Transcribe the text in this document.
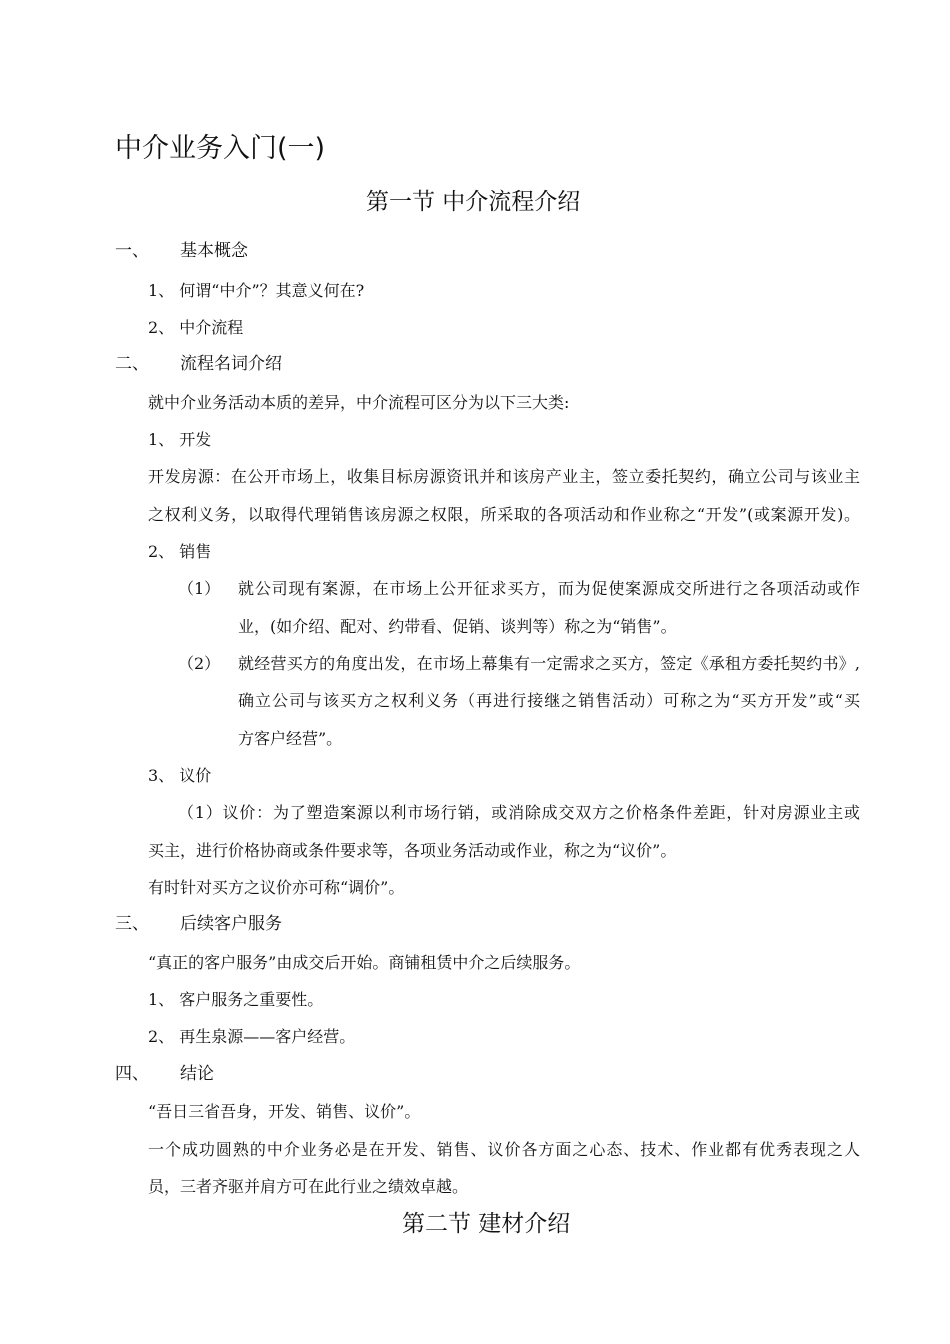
中介业务入门(一)
第一节 中介流程介绍
一、 基本概念
1、 何谓“中介”？其意义何在?
2、 中介流程
二、 流程名词介绍
就中介业务活动本质的差异，中介流程可区分为以下三大类:
1、 开发
开发房源：在公开市场上，收集目标房源资讯并和该房产业主，签立委托契约，确立公司与该业主
之权利义务，以取得代理销售该房源之权限，所采取的各项活动和作业称之“开发”(或案源开发)。
2、 销售
（1） 就公司现有案源，在市场上公开征求买方，而为促使案源成交所进行之各项活动或作
业，(如介绍、配对、约带看、促销、谈判等）称之为“销售”。
（2） 就经营买方的角度出发，在市场上幕集有一定需求之买方，签定《承租方委托契约书》,
确立公司与该买方之权利义务（再进行接继之销售活动）可称之为“买方开发”或“买
方客户经营”。
3、 议价
（1）议价：为了塑造案源以利市场行销，或消除成交双方之价格条件差距，针对房源业主或
买主，进行价格协商或条件要求等，各项业务活动或作业，称之为“议价”。
有时针对买方之议价亦可称“调价”。
三、 后续客户服务
“真正的客户服务”由成交后开始。商铺租赁中介之后续服务。
1、 客户服务之重要性。
2、 再生泉源——客户经营。
四、 结论
“吾日三省吾身，开发、销售、议价”。
一个成功圆熟的中介业务必是在开发、销售、议价各方面之心态、技术、作业都有优秀表现之人
员，三者齐驱并肩方可在此行业之绩效卓越。
第二节 建材介绍
